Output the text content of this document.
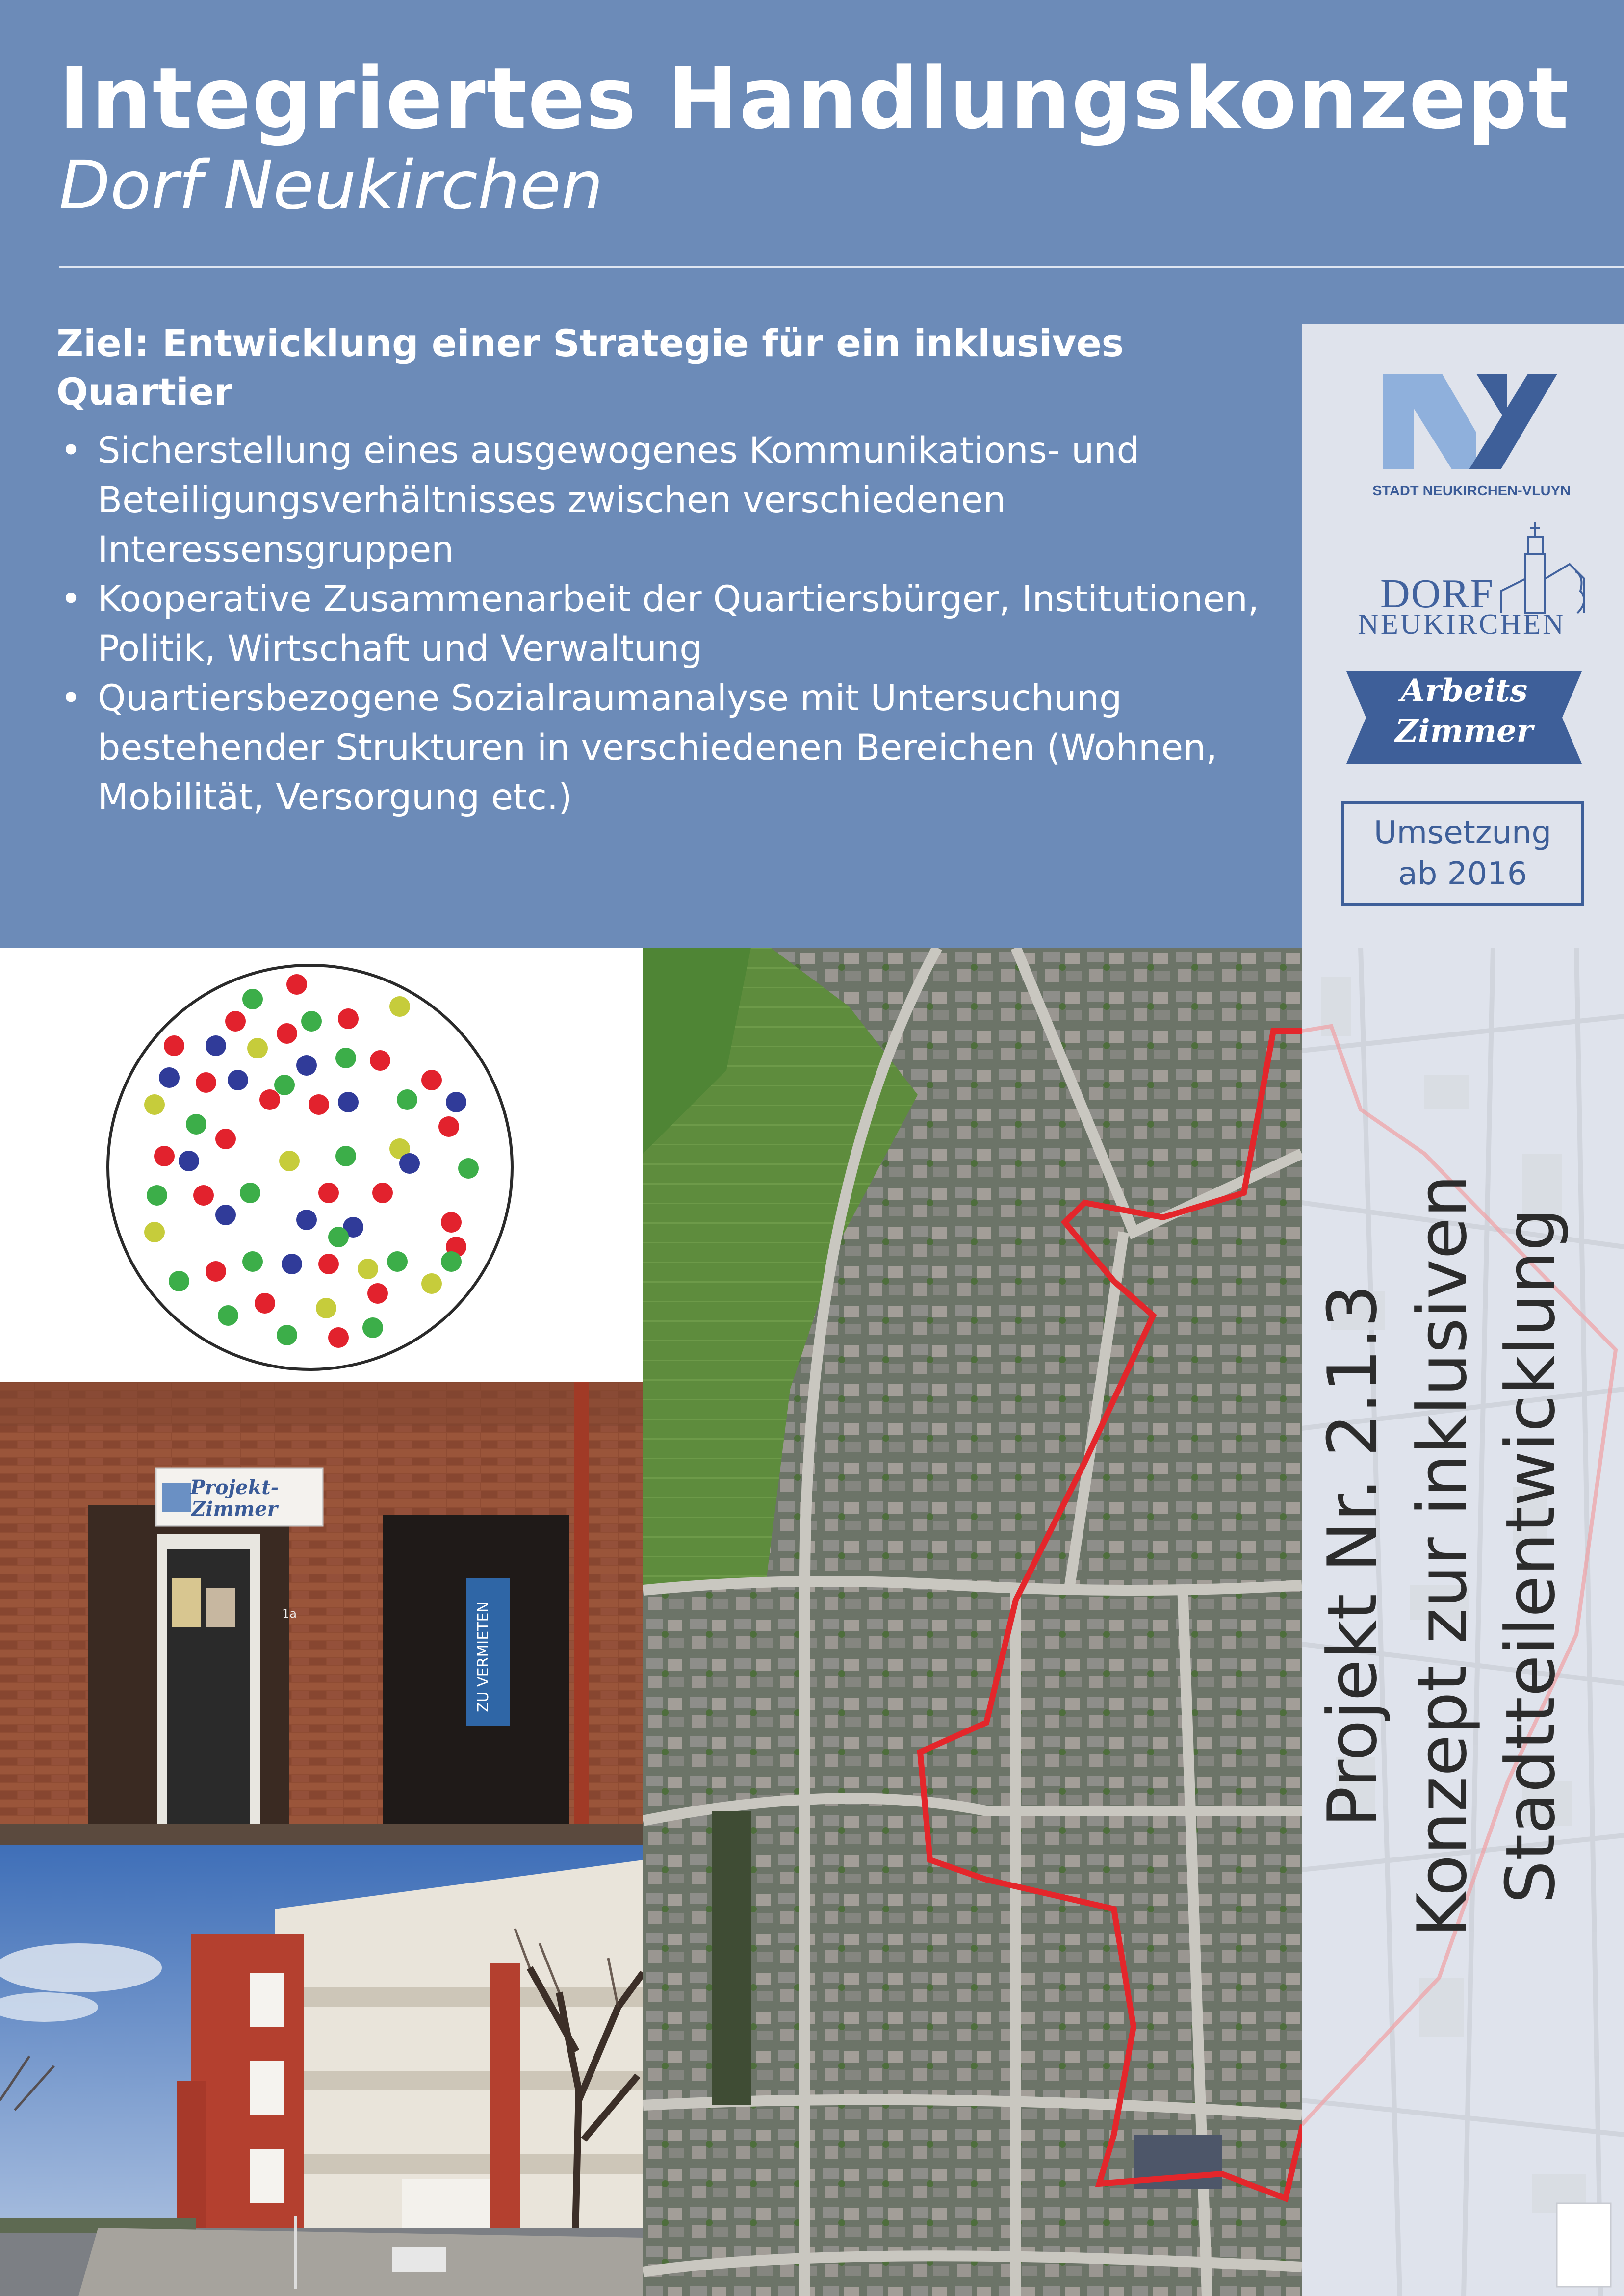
Integriertes Handlungskonzept
Dorf Neukirchen
Ziel: Entwicklung einer Strategie für ein inklusives Quartier
• Sicherstellung eines ausgewogenes Kommunikations- und Beteiligungsverhältnisses zwischen verschiedenen Interessensgruppen
• Kooperative Zusammenarbeit der Quartiersbürger, Institutionen, Politik, Wirtschaft und Verwaltung
• Quartiersbezogene Sozialraumanalyse mit Untersuchung bestehender Strukturen in verschiedenen Bereichen (Wohnen, Mobilität, Versorgung etc.)
STADT NEUKIRCHEN-VLUYN
DORF
NEUKIRCHEN
Arbeits
Zimmer
Umsetzung
ab 2016
ZU VERMIETEN
1a
Projekt-
Zimmer	Projekt Nr. 2.1.3 Konzept zur inklusiven Stadtteilentwicklung
